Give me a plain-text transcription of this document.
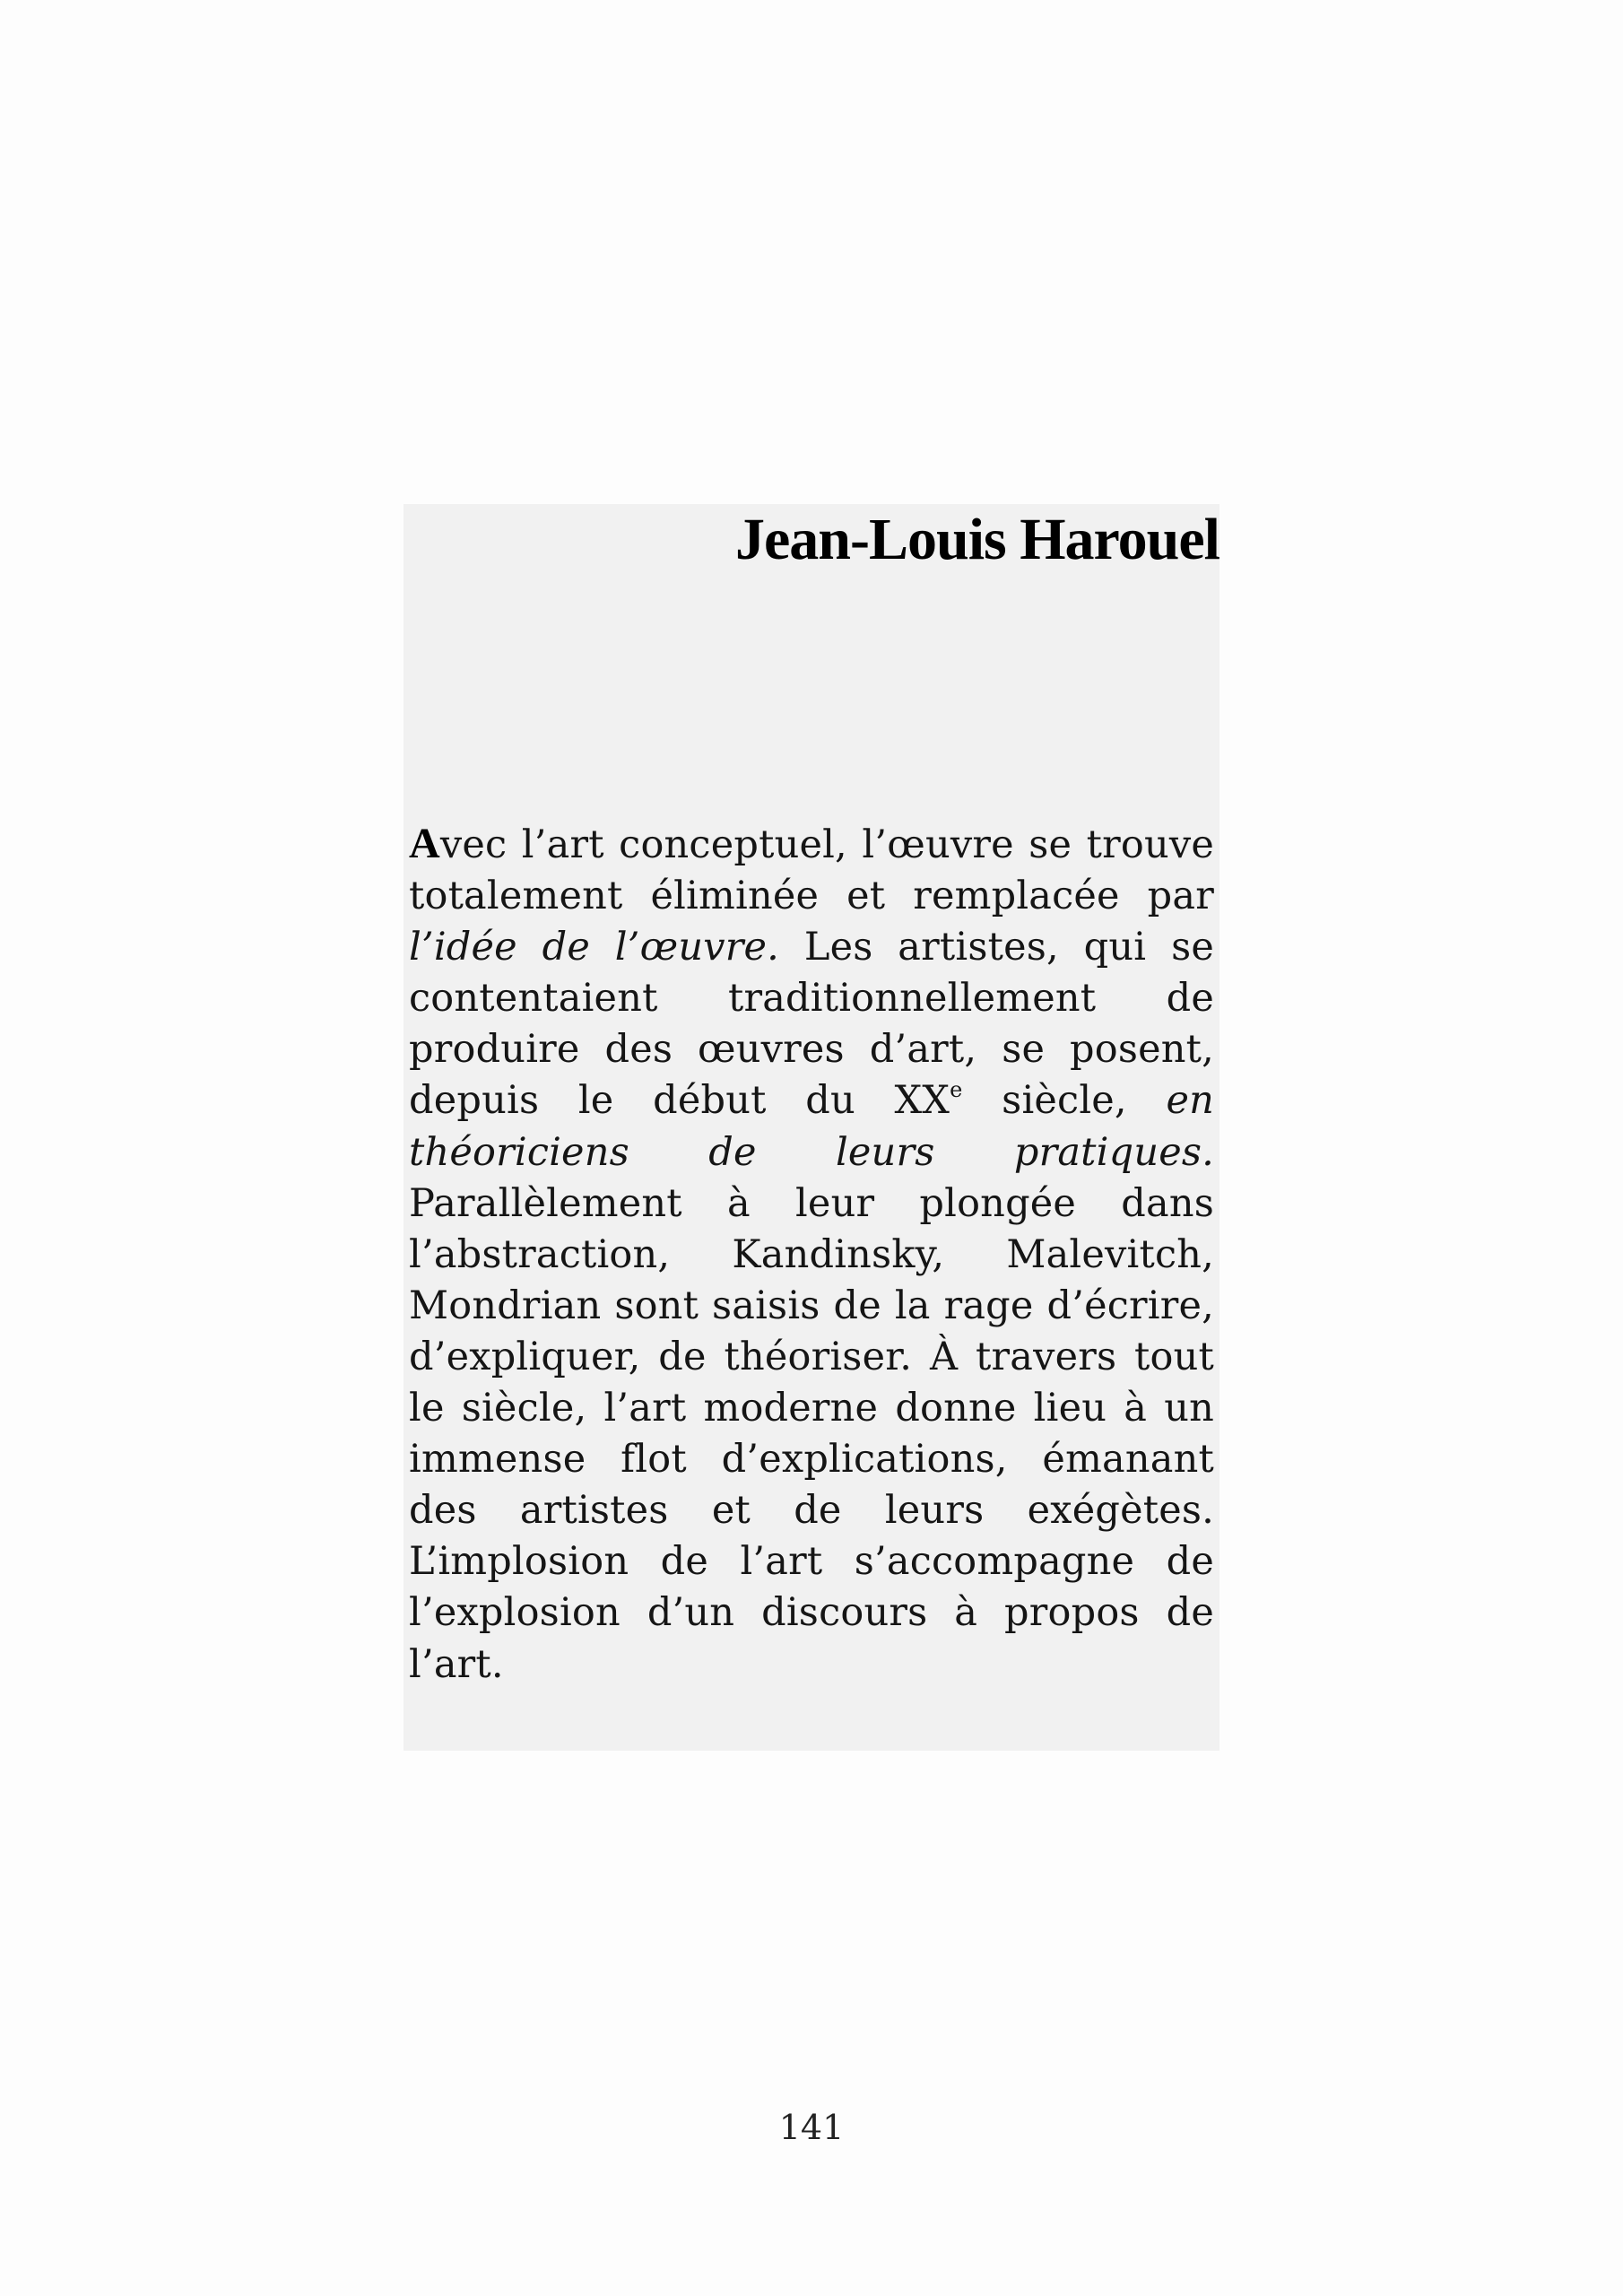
Jean-Louis Harouel

Avec l’art conceptuel, l’œuvre se trouve totalement éliminée et remplacée par l’idée de l’œuvre. Les artistes, qui se contentaient traditionnellement de produire des œuvres d’art, se posent, depuis le début du XXe siècle, en théoriciens de leurs pratiques. Parallèlement à leur plongée dans l’abstraction, Kandinsky, Malevitch, Mondrian sont saisis de la rage d’écrire, d’expliquer, de théoriser. À travers tout le siècle, l’art moderne donne lieu à un immense flot d’explications, émanant des artistes et de leurs exégètes. L’implosion de l’art s’accompagne de l’explosion d’un discours à propos de l’art.

141
